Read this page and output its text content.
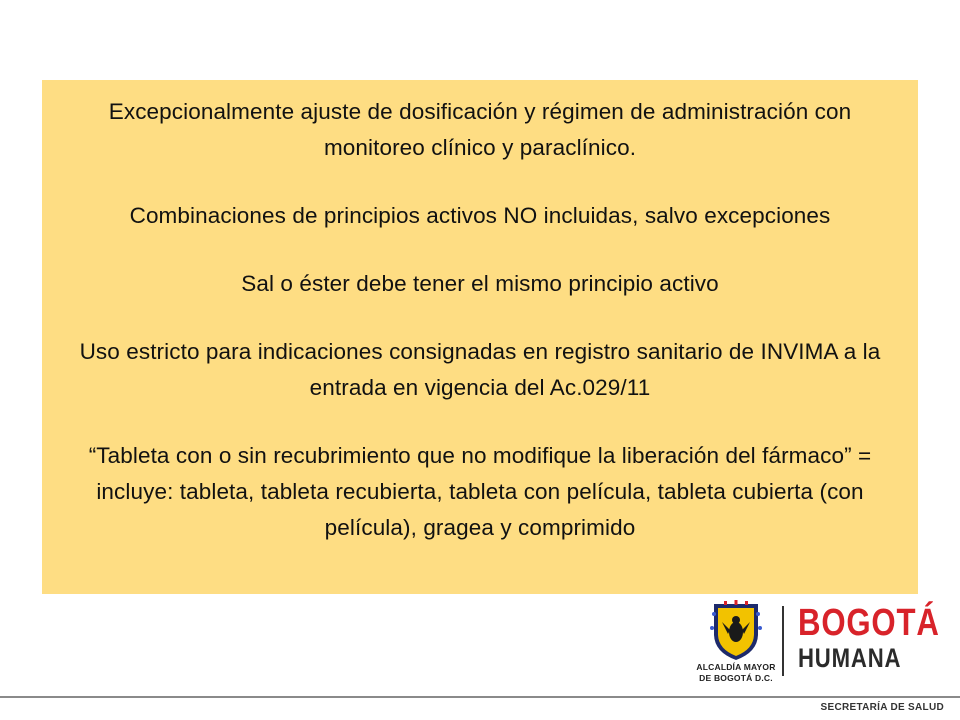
Excepcionalmente ajuste de dosificación y régimen de administración con monitoreo clínico y paraclínico.

Combinaciones de principios activos NO incluidas, salvo excepciones

Sal o éster debe tener el mismo principio activo

Uso estricto para indicaciones consignadas en registro sanitario de INVIMA a la entrada en vigencia del Ac.029/11

“Tableta con o sin recubrimiento que no modifique la liberación del fármaco” = incluye: tableta, tableta recubierta, tableta con película, tableta cubierta (con película), gragea y comprimido

ALCALDÍA MAYOR
DE BOGOTÁ D.C.
BOGOTÁ
HUMANA
SECRETARÍA DE SALUD
